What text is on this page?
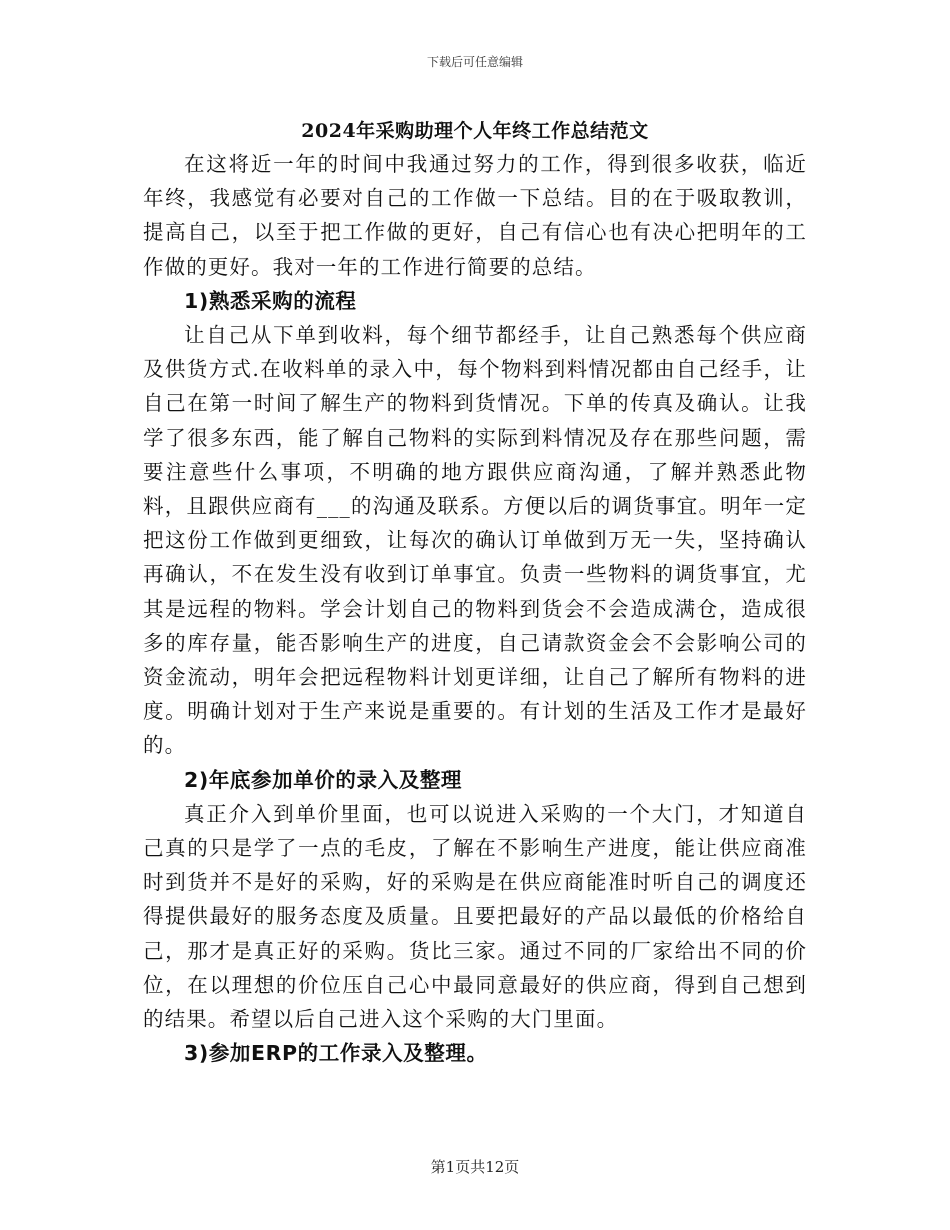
下载后可任意编辑
2024年采购助理个人年终工作总结范文

在这将近一年的时间中我通过努力的工作，得到很多收获，临近年终，我感觉有必要对自己的工作做一下总结。目的在于吸取教训，提高自己，以至于把工作做的更好，自己有信心也有决心把明年的工作做的更好。我对一年的工作进行简要的总结。

1)熟悉采购的流程

让自己从下单到收料，每个细节都经手，让自己熟悉每个供应商及供货方式.在收料单的录入中，每个物料到料情况都由自己经手，让自己在第一时间了解生产的物料到货情况。下单的传真及确认。让我学了很多东西，能了解自己物料的实际到料情况及存在那些问题，需要注意些什么事项，不明确的地方跟供应商沟通，了解并熟悉此物料，且跟供应商有___的沟通及联系。方便以后的调货事宜。明年一定把这份工作做到更细致，让每次的确认订单做到万无一失，坚持确认再确认，不在发生没有收到订单事宜。负责一些物料的调货事宜，尤其是远程的物料。学会计划自己的物料到货会不会造成满仓，造成很多的库存量，能否影响生产的进度，自己请款资金会不会影响公司的资金流动，明年会把远程物料计划更详细，让自己了解所有物料的进度。明确计划对于生产来说是重要的。有计划的生活及工作才是最好的。

2)年底参加单价的录入及整理

真正介入到单价里面，也可以说进入采购的一个大门，才知道自己真的只是学了一点的毛皮，了解在不影响生产进度，能让供应商准时到货并不是好的采购，好的采购是在供应商能准时听自己的调度还得提供最好的服务态度及质量。且要把最好的产品以最低的价格给自己，那才是真正好的采购。货比三家。通过不同的厂家给出不同的价位，在以理想的价位压自己心中最同意最好的供应商，得到自己想到的结果。希望以后自己进入这个采购的大门里面。

3)参加ERP的工作录入及整理。

第1页共12页
